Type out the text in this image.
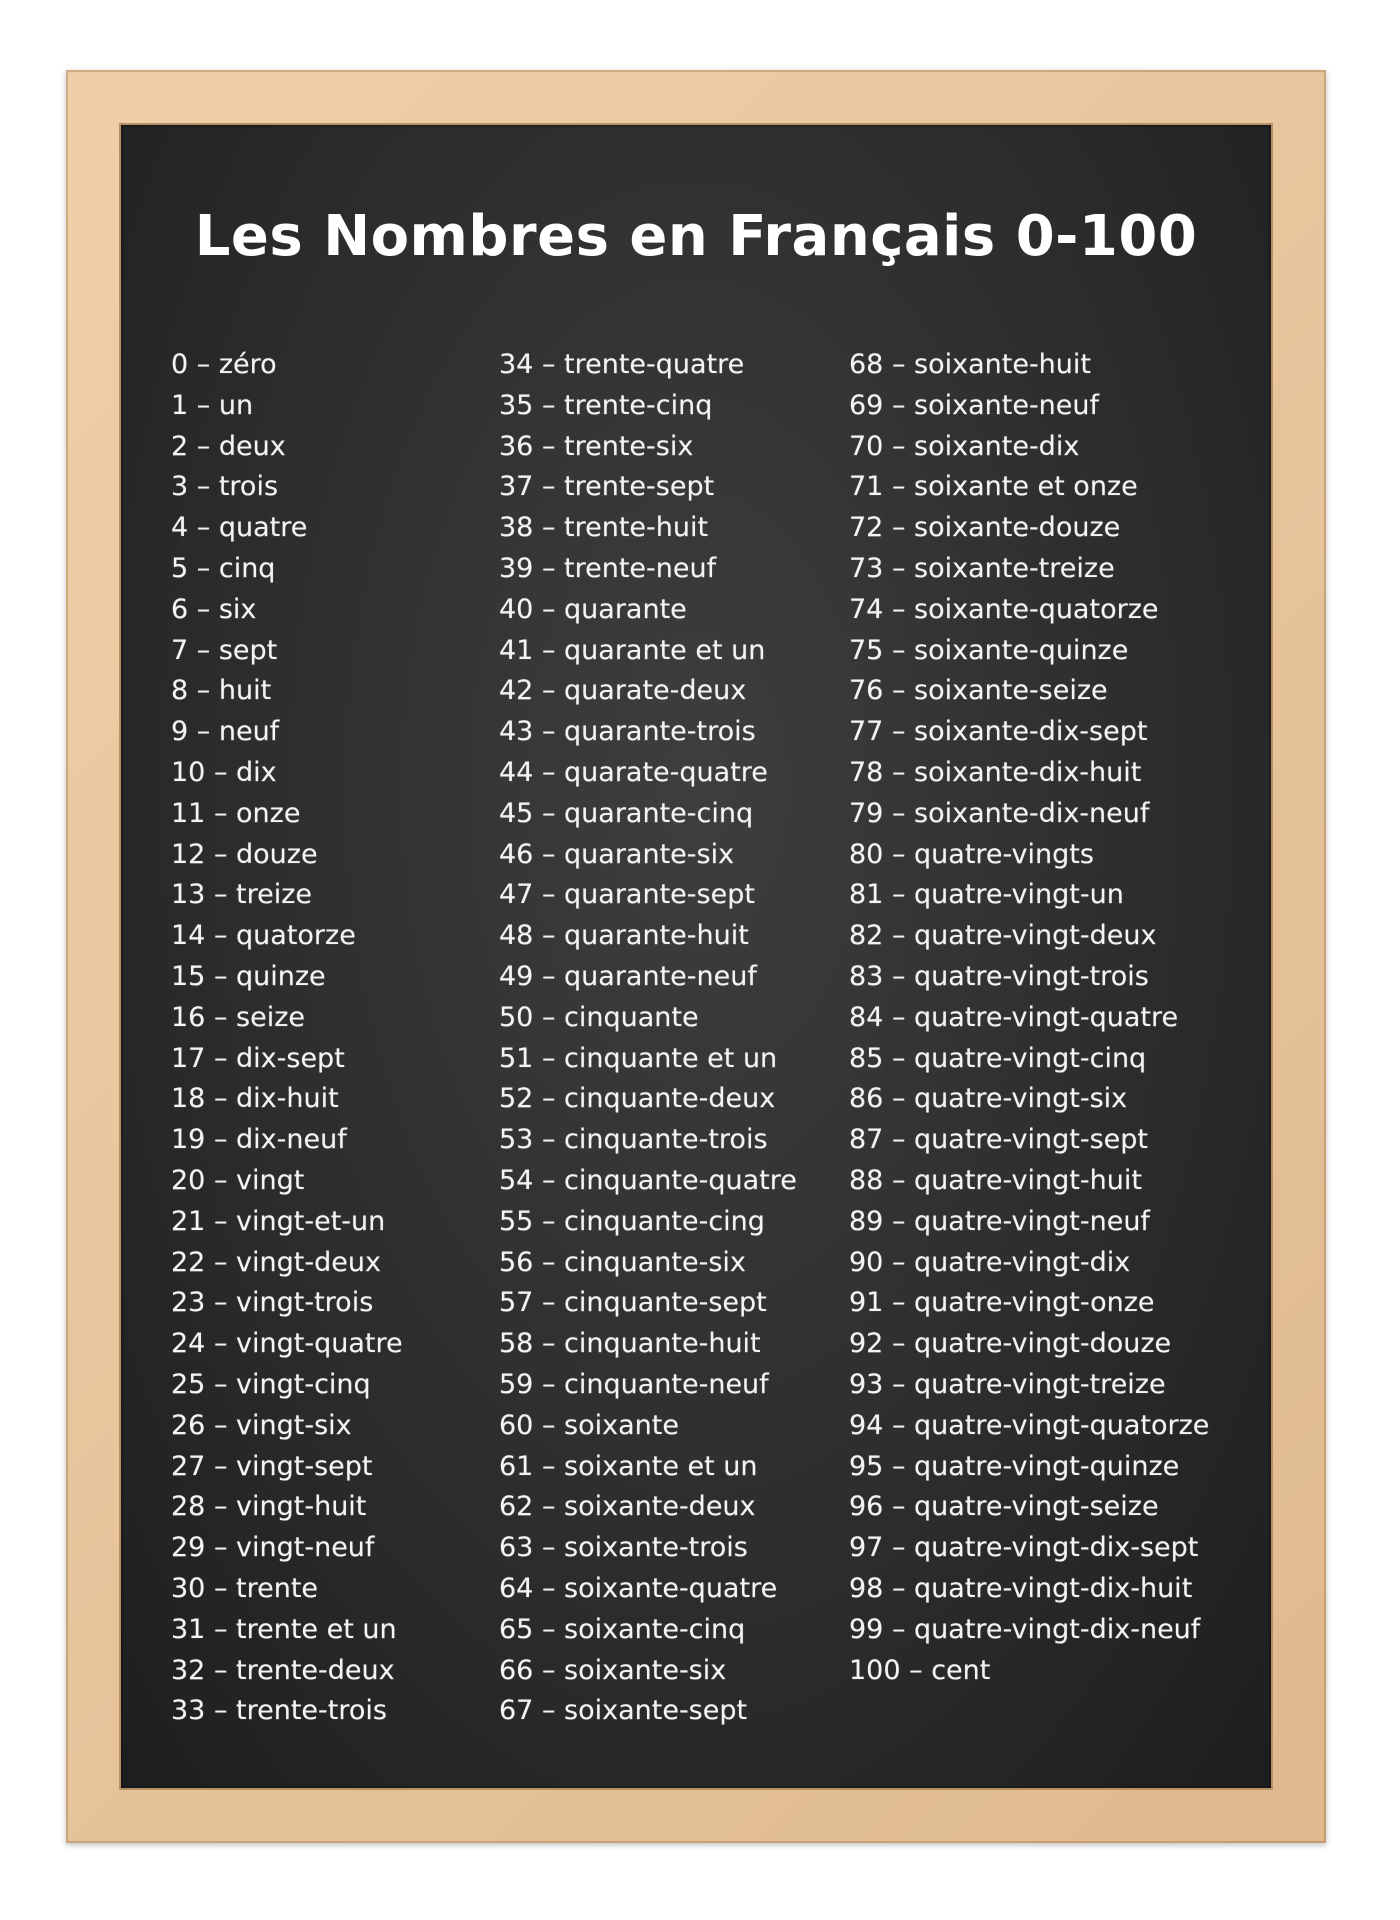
Les Nombres en Français 0-100
0 – zéro
1 – un
2 – deux
3 – trois
4 – quatre
5 – cinq
6 – six
7 – sept
8 – huit
9 – neuf
10 – dix
11 – onze
12 – douze
13 – treize
14 – quatorze
15 – quinze
16 – seize
17 – dix-sept
18 – dix-huit
19 – dix-neuf
20 – vingt
21 – vingt-et-un
22 – vingt-deux
23 – vingt-trois
24 – vingt-quatre
25 – vingt-cinq
26 – vingt-six
27 – vingt-sept
28 – vingt-huit
29 – vingt-neuf
30 – trente
31 – trente et un
32 – trente-deux
33 – trente-trois
34 – trente-quatre
35 – trente-cinq
36 – trente-six
37 – trente-sept
38 – trente-huit
39 – trente-neuf
40 – quarante
41 – quarante et un
42 – quarate-deux
43 – quarante-trois
44 – quarate-quatre
45 – quarante-cinq
46 – quarante-six
47 – quarante-sept
48 – quarante-huit
49 – quarante-neuf
50 – cinquante
51 – cinquante et un
52 – cinquante-deux
53 – cinquante-trois
54 – cinquante-quatre
55 – cinquante-cing
56 – cinquante-six
57 – cinquante-sept
58 – cinquante-huit
59 – cinquante-neuf
60 – soixante
61 – soixante et un
62 – soixante-deux
63 – soixante-trois
64 – soixante-quatre
65 – soixante-cinq
66 – soixante-six
67 – soixante-sept
68 – soixante-huit
69 – soixante-neuf
70 – soixante-dix
71 – soixante et onze
72 – soixante-douze
73 – soixante-treize
74 – soixante-quatorze
75 – soixante-quinze
76 – soixante-seize
77 – soixante-dix-sept
78 – soixante-dix-huit
79 – soixante-dix-neuf
80 – quatre-vingts
81 – quatre-vingt-un
82 – quatre-vingt-deux
83 – quatre-vingt-trois
84 – quatre-vingt-quatre
85 – quatre-vingt-cinq
86 – quatre-vingt-six
87 – quatre-vingt-sept
88 – quatre-vingt-huit
89 – quatre-vingt-neuf
90 – quatre-vingt-dix
91 – quatre-vingt-onze
92 – quatre-vingt-douze
93 – quatre-vingt-treize
94 – quatre-vingt-quatorze
95 – quatre-vingt-quinze
96 – quatre-vingt-seize
97 – quatre-vingt-dix-sept
98 – quatre-vingt-dix-huit
99 – quatre-vingt-dix-neuf
100 – cent
